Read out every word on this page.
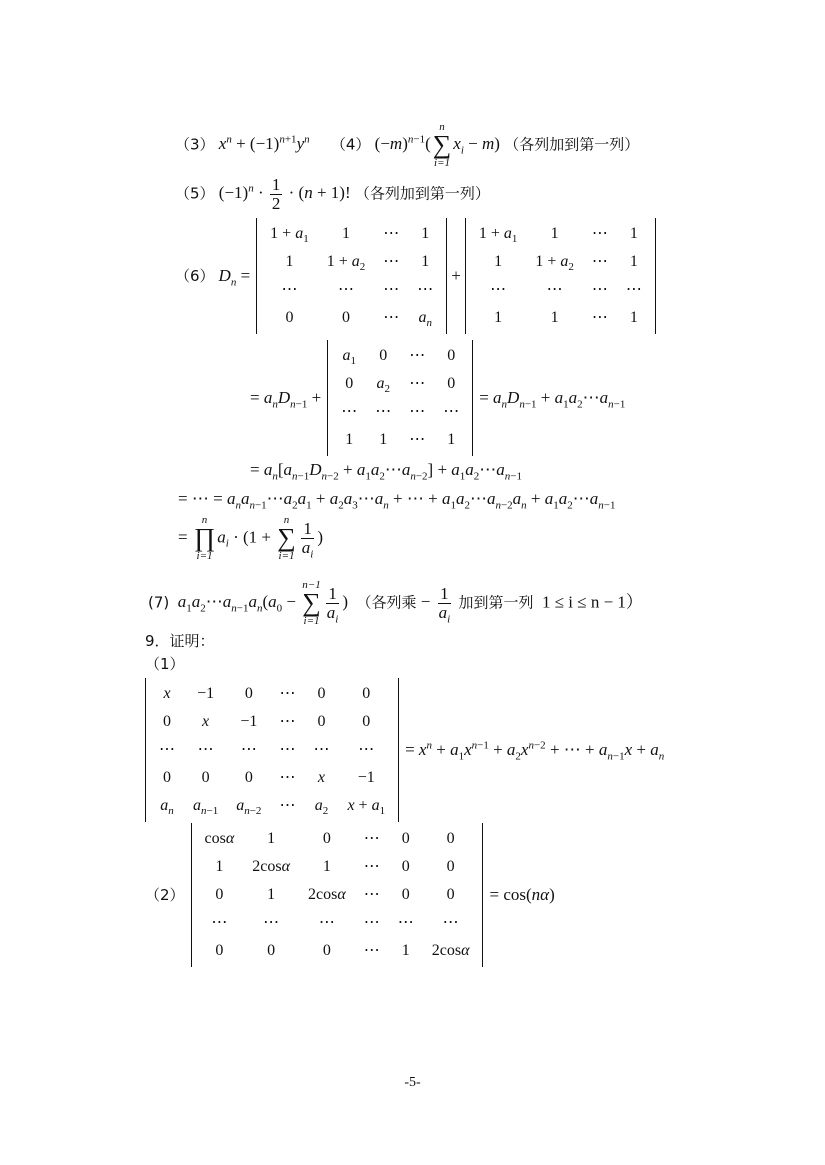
（3） $x^n + (-1)^{n+1}y^n$ （4） $(-m)^{n-1}$(
n
∑
i=1
$x_i - m$) （各列加到第一列）
（5） $(-1)^n \cdot \frac{1}{2} \cdot (n + 1)$! （各列加到第一列）
（6） $D_n$ =
$1 + a_1$	1	⋯	1
1	$1 + a_2$	⋯	1
⋯	⋯	⋯	⋯
0	0	⋯	$a_n$
+
$1 + a_1$	1	⋯	1
1	$1 + a_2$	⋯	1
⋯	⋯	⋯	⋯
1	1	⋯	1
= $a_nD_{n-1}$ +
$a_1$	0	⋯	0
0	$a_2$	⋯	0
⋯	⋯	⋯	⋯
1	1	⋯	1
= $a_nD_{n-1}$ + $a_1a_2\cdots a_{n-1}$
= $a_n[a_{n-1}D_{n-2}$ + $a_1a_2\cdots a_{n-2}$] + $a_1a_2\cdots a_{n-1}$
= ⋯ = $a_na_{n-1}\cdots a_2a_1$ + $a_2a_3\cdots a_n$ + ⋯ + $a_1a_2\cdots a_{n-2}a_n$ + $a_1a_2\cdots a_{n-1}$
=
n
∏
i=1
$a_i \cdot (1$ +
n
∑
$i=1 \frac{1}{a_i}$ )
(7) $a_1a_2\cdots a_{n-1}a_n(a_0$ −
n−1
∑
$i=1 \frac{1}{a_i}$ ) （各列乘 − $\frac{1}{a_i}$ 加到第一列 1 ≤ i ≤ n − 1）
9．证明：
（1）
x	−1	0	⋯	0	0
0	x	−1	⋯	0	0
⋯	⋯	⋯	⋯	⋯	⋯
0	0	0	⋯	x	−1
$a_n$	$a_{n-1}$	$a_{n-2}$	⋯	$a_2$	$x + a_1$
= $x^n + a_1x^{n-1} + a_2x^{n-2}$ + ⋯ + $a_{n-1}x + a_n$
（2）
cosα	1	0	⋯	0	0
1	2cosα	1	⋯	0	0
0	1	2cosα	⋯	0	0
⋯	⋯	⋯	⋯	⋯	⋯
0	0	0	⋯	1	2cosα
= cos(nα)
-5-
